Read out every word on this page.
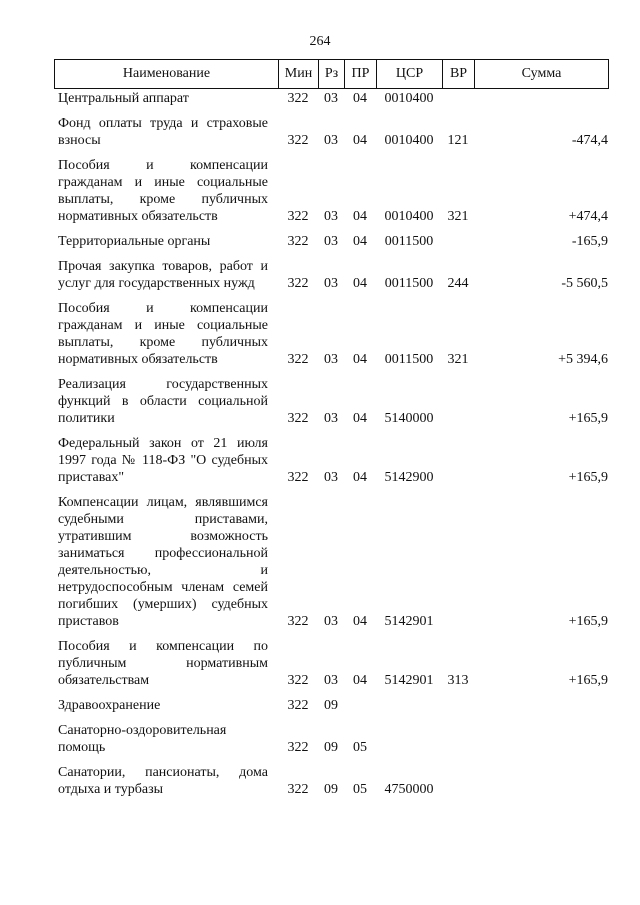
264
Наименование	Мин	Рз	ПР	ЦСР	ВР	Сумма
Центральный аппарат	322	03	04	0010400		

Фонд оплаты труда и страховые взносы	322	03	04	0010400	121	-474,4

Пособия и компенсации гражданам и иные социальные выплаты, кроме публичных нормативных обязательств	322	03	04	0010400	321	+474,4

Территориальные органы	322	03	04	0011500		-165,9

Прочая закупка товаров, работ и услуг для государственных нужд	322	03	04	0011500	244	-5 560,5

Пособия и компенсации гражданам и иные социальные выплаты, кроме публичных нормативных обязательств	322	03	04	0011500	321	+5 394,6

Реализация государственных функций в области социальной политики	322	03	04	5140000		+165,9

Федеральный закон от 21 июля 1997 года № 118-ФЗ "О судебных приставах"	322	03	04	5142900		+165,9

Компенсации лицам, являвшимся судебными приставами, утратившим возможность заниматься профессиональной деятельностью, и нетрудоспособным членам семей погибших (умерших) судебных приставов	322	03	04	5142901		+165,9

Пособия и компенсации по публичным нормативным обязательствам	322	03	04	5142901	313	+165,9

Здравоохранение	322	09				

Санаторно-оздоровительная помощь	322	09	05			

Санатории, пансионаты, дома отдыха и турбазы	322	09	05	4750000		
